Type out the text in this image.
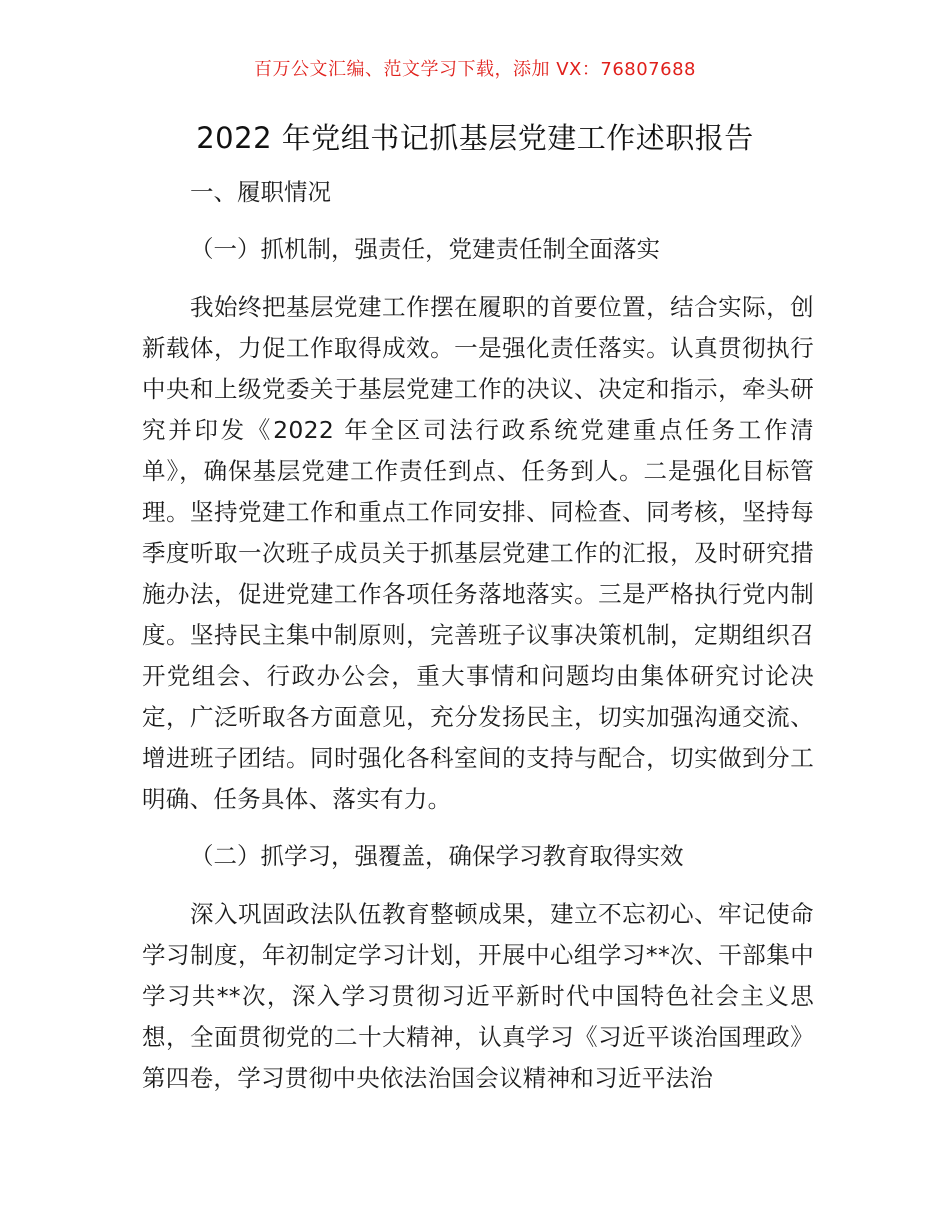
百万公文汇编、范文学习下载，添加 VX：76807688
2022 年党组书记抓基层党建工作述职报告

一、履职情况

（一）抓机制，强责任，党建责任制全面落实

我始终把基层党建工作摆在履职的首要位置，结合实际，创新载体，力促工作取得成效。一是强化责任落实。认真贯彻执行中央和上级党委关于基层党建工作的决议、决定和指示，牵头研究并印发《2022 年全区司法行政系统党建重点任务工作清单》，确保基层党建工作责任到点、任务到人。二是强化目标管理。坚持党建工作和重点工作同安排、同检查、同考核，坚持每季度听取一次班子成员关于抓基层党建工作的汇报，及时研究措施办法，促进党建工作各项任务落地落实。三是严格执行党内制度。坚持民主集中制原则，完善班子议事决策机制，定期组织召开党组会、行政办公会，重大事情和问题均由集体研究讨论决定，广泛听取各方面意见，充分发扬民主，切实加强沟通交流、增进班子团结。同时强化各科室间的支持与配合，切实做到分工明确、任务具体、落实有力。

（二）抓学习，强覆盖，确保学习教育取得实效

深入巩固政法队伍教育整顿成果，建立不忘初心、牢记使命学习制度，年初制定学习计划，开展中心组学习**次、干部集中学习共**次，深入学习贯彻习近平新时代中国特色社会主义思想，全面贯彻党的二十大精神，认真学习《习近平谈治国理政》第四卷，学习贯彻中央依法治国会议精神和习近平法治
